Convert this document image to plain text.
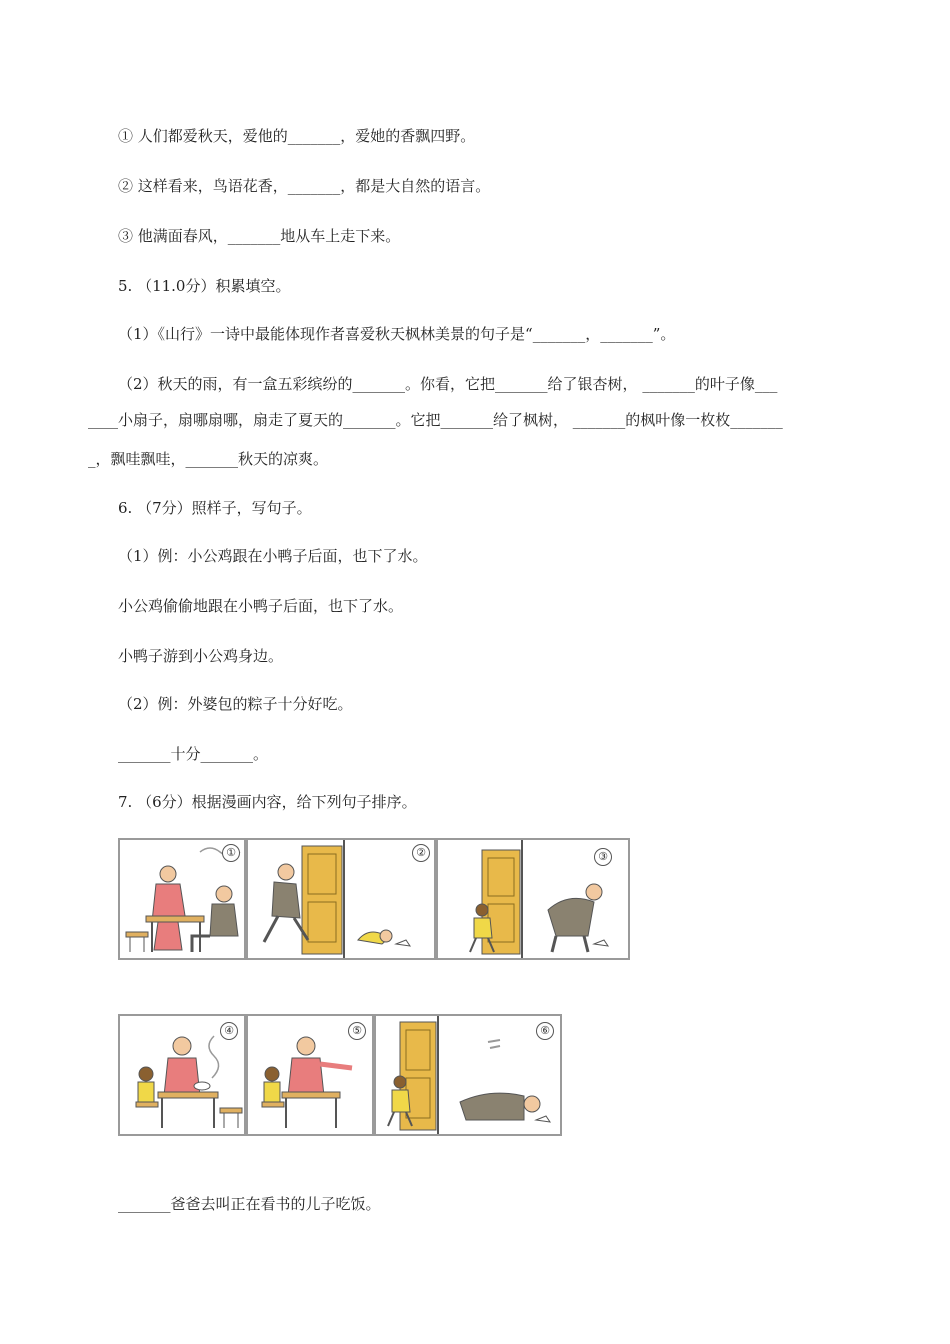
① 人们都爱秋天，爱他的_______，爱她的香飘四野。
② 这样看来，鸟语花香，_______，都是大自然的语言。
③ 他满面春风，_______地从车上走下来。
5. （11.0分）积累填空。
（1）《山行》一诗中最能体现作者喜爱秋天枫林美景的句子是“_______，_______”。
（2）秋天的雨，有一盒五彩缤纷的_______。你看，它把_______给了银杏树， _______的叶子像___
____小扇子，扇哪扇哪，扇走了夏天的_______。它把_______给了枫树， _______的枫叶像一枚枚_______
_，飘哇飘哇，_______秋天的凉爽。
6. （7分）照样子，写句子。
（1）例：小公鸡跟在小鸭子后面，也下了水。
小公鸡偷偷地跟在小鸭子后面，也下了水。
小鸭子游到小公鸡身边。
（2）例：外婆包的粽子十分好吃。
_______十分_______。
7. （6分）根据漫画内容，给下列句子排序。
①	②	③
④	⑤	⑥
_______爸爸去叫正在看书的儿子吃饭。
